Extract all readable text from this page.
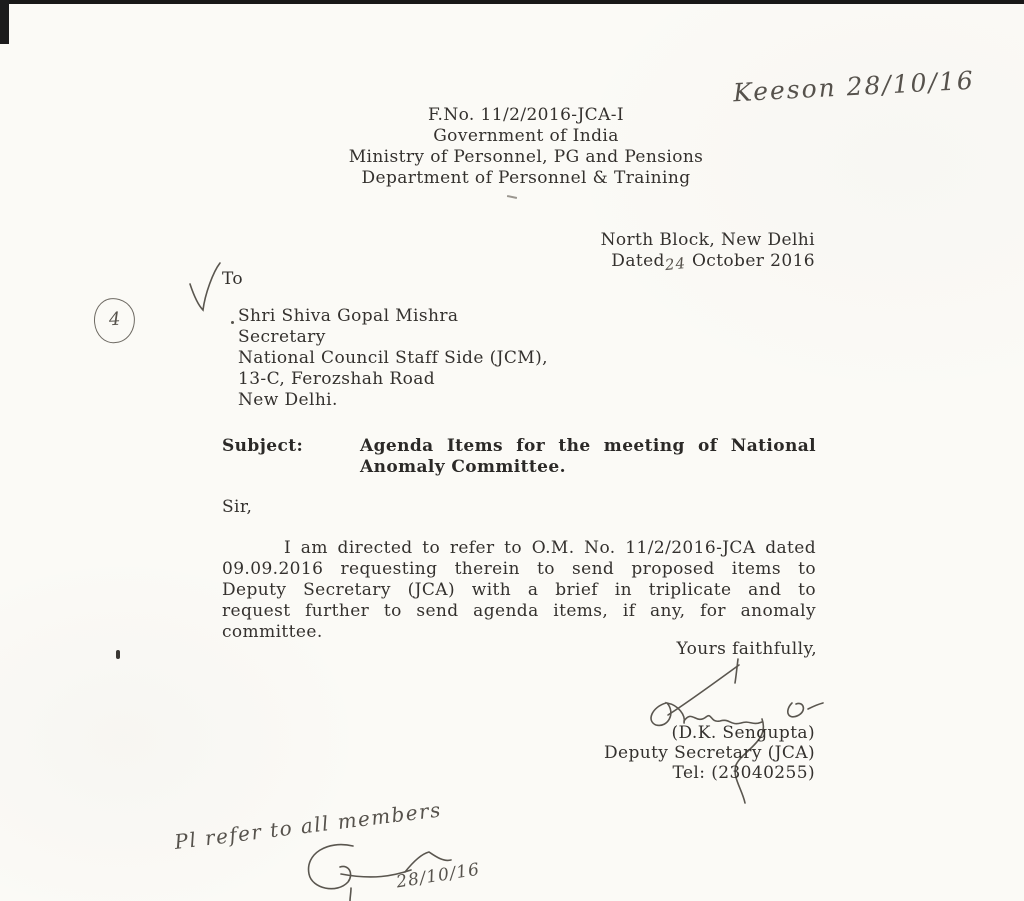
Keeson 28/10/16
F.No. 11/2/2016-JCA-I
Government of India
Ministry of Personnel, PG and Pensions
Department of Personnel & Training
North Block, New Delhi
Dated24 October 2016
4
To
Shri Shiva Gopal Mishra
Secretary
National Council Staff Side (JCM),
13-C, Ferozshah Road
New Delhi.
Subject:	Agenda Items for the meeting of National Anomaly Committee.
Sir,
I am directed to refer to O.M. No. 11/2/2016-JCA dated 09.09.2016 requesting therein to send proposed items to Deputy Secretary (JCA) with a brief in triplicate and to request further to send agenda items, if any, for anomaly committee.
Yours faithfully,
(D.K. Sengupta)
Deputy Secretary (JCA)
Tel: (23040255)
Pl refer to all members
28/10/16
